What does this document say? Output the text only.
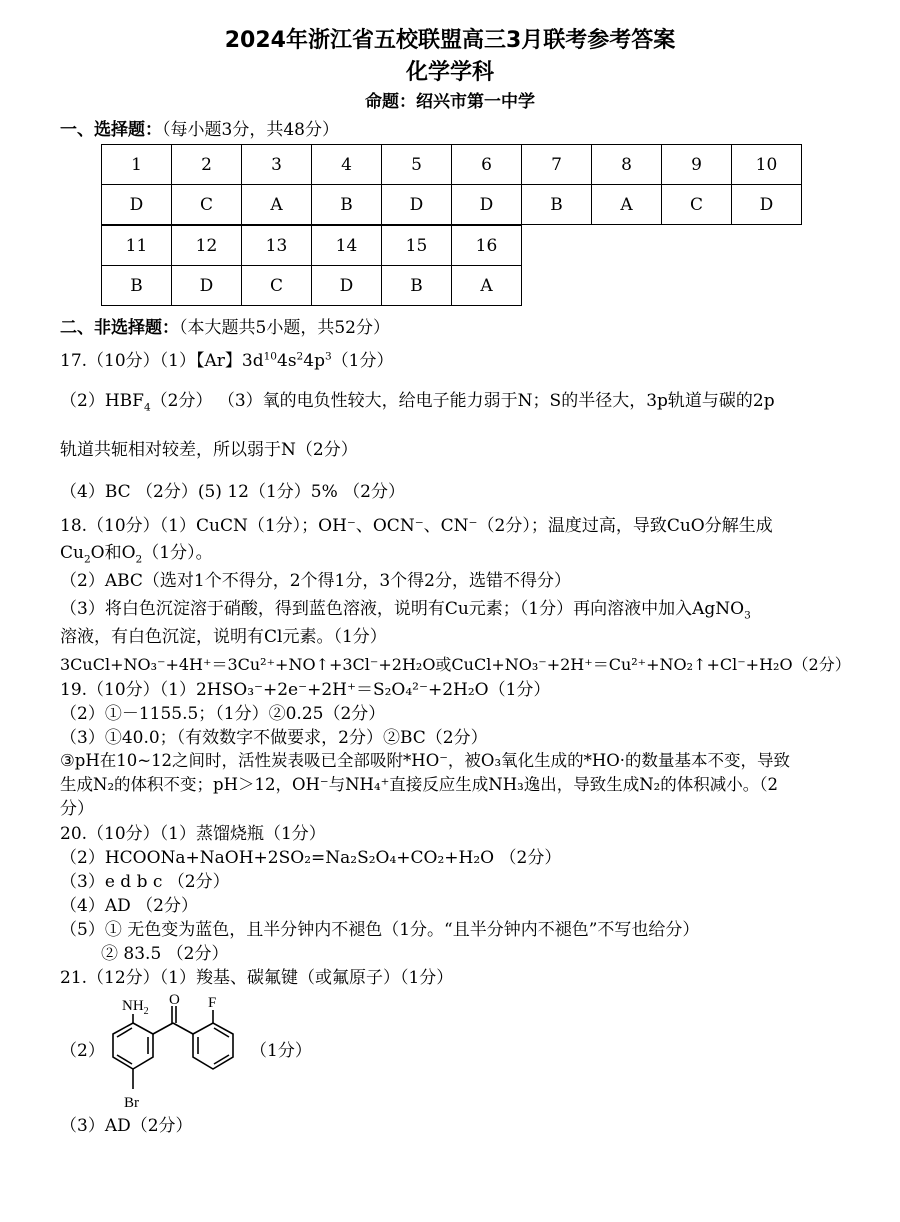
2024年浙江省五校联盟高三3月联考参考答案
化学学科
命题：绍兴市第一中学
一、选择题：（每小题3分，共48分）
1	2	3	4	5	6	7	8	9	10
D	C	A	B	D	D	B	A	C	D
11	12	13	14	15	16
B	D	C	D	B	A
二、非选择题：（本大题共5小题，共52分）
17.（10分）（1）【Ar】$3d^{10}4s^24p^3(1$分）
$(2)HBF_4(2$分） （3）氧的电负性较大，给电子能力弱于N；S的半径大，3p轨道与碳的2p
轨道共轭相对较差，所以弱于N（2分）
（4）BC （2分）(5) 12（1分）5% （2分）
18.（10分）（1）CuCN（1分）；OH⁻、OCN⁻、CN⁻（2分）；温度过高，导致CuO分解生成
$Cu_2O$和$O_2(1$分）。
（2）ABC（选对1个不得分，2个得1分，3个得2分，选错不得分）
（3）将白色沉淀溶于硝酸，得到蓝色溶液，说明有Cu元素；（1分）再向溶液中加入AgNO$_3$
溶液，有白色沉淀，说明有Cl元素。（1分）
3CuCl+NO₃⁻+4H⁺＝3Cu²⁺+NO↑+3Cl⁻+2H₂O或CuCl+NO₃⁻+2H⁺＝Cu²⁺+NO₂↑+Cl⁻+H₂O（2分）
19.（10分）（1）2HSO₃⁻+2e⁻+2H⁺＝S₂O₄²⁻+2H₂O（1分）
（2）①－1155.5；（1分）②0.25（2分）
（3）①40.0；（有效数字不做要求，2分）②BC（2分）
③pH在10~12之间时，活性炭表吸已全部吸附*HO⁻，被O₃氧化生成的*HO·的数量基本不变，导致
生成N₂的体积不变；pH＞12，OH⁻与NH₄⁺直接反应生成NH₃逸出，导致生成N₂的体积减小。（2
分）
20.（10分）（1）蒸馏烧瓶（1分）
（2）HCOONa+NaOH+2SO₂=Na₂S₂O₄+CO₂+H₂O （2分）
（3）e d b c （2分）
（4）AD （2分）
（5）① 无色变为蓝色，且半分钟内不褪色（1分。“且半分钟内不褪色”不写也给分）
② 83.5 （2分）
21.（12分）（1）羧基、碳氟键（或氟原子）（1分）
（2）
$NH_2$
O F
Br
（1分）
（3）AD（2分）
